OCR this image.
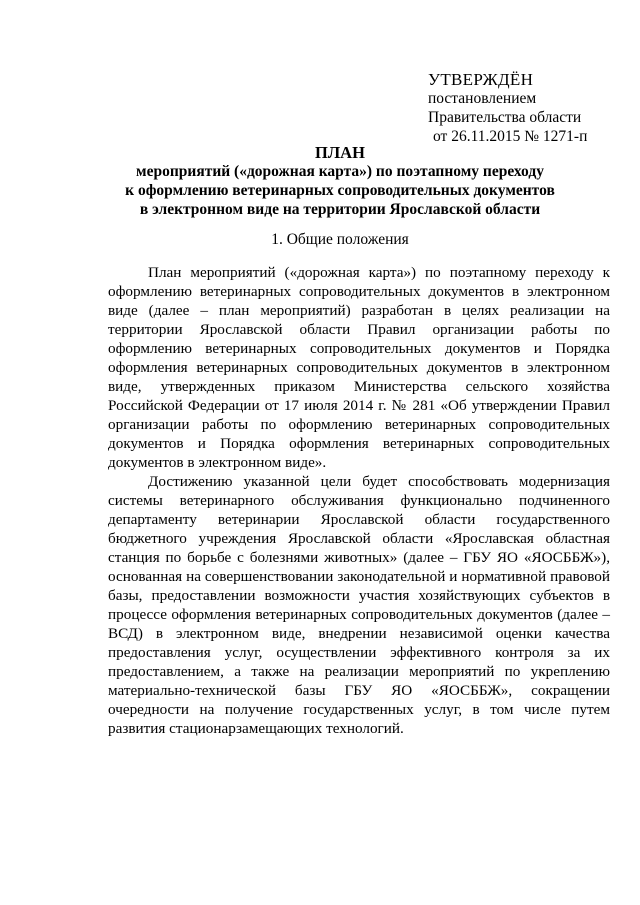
УТВЕРЖДЁН
постановлением
Правительства области
от 26.11.2015 № 1271-п
ПЛАН
мероприятий («дорожная карта») по поэтапному переходу
к оформлению ветеринарных сопроводительных документов
в электронном виде на территории Ярославской области
1. Общие положения

План мероприятий («дорожная карта») по поэтапному переходу к оформлению ветеринарных сопроводительных документов в электронном виде (далее – план мероприятий) разработан в целях реализации на территории Ярославской области Правил организации работы по оформлению ветеринарных сопроводительных документов и Порядка оформления ветеринарных сопроводительных документов в электронном виде, утвержденных приказом Министерства сельского хозяйства Российской Федерации от 17 июля 2014 г. № 281 «Об утверждении Правил организации работы по оформлению ветеринарных сопроводительных документов и Порядка оформления ветеринарных сопроводительных документов в электронном виде».

Достижению указанной цели будет способствовать модернизация системы ветеринарного обслуживания функционально подчиненного департаменту ветеринарии Ярославской области государственного бюджетного учреждения Ярославской области «Ярославская областная станция по борьбе с болезнями животных» (далее – ГБУ ЯО «ЯОСББЖ»), основанная на совершенствовании законодательной и нормативной правовой базы, предоставлении возможности участия хозяйствующих субъектов в процессе оформления ветеринарных сопроводительных документов (далее – ВСД) в электронном виде, внедрении независимой оценки качества предоставления услуг, осуществлении эффективного контроля за их предоставлением, а также на реализации мероприятий по укреплению материально-технической базы ГБУ ЯО «ЯОСББЖ», сокращении очередности на получение государственных услуг, в том числе путем развития стационарзамещающих технологий.
